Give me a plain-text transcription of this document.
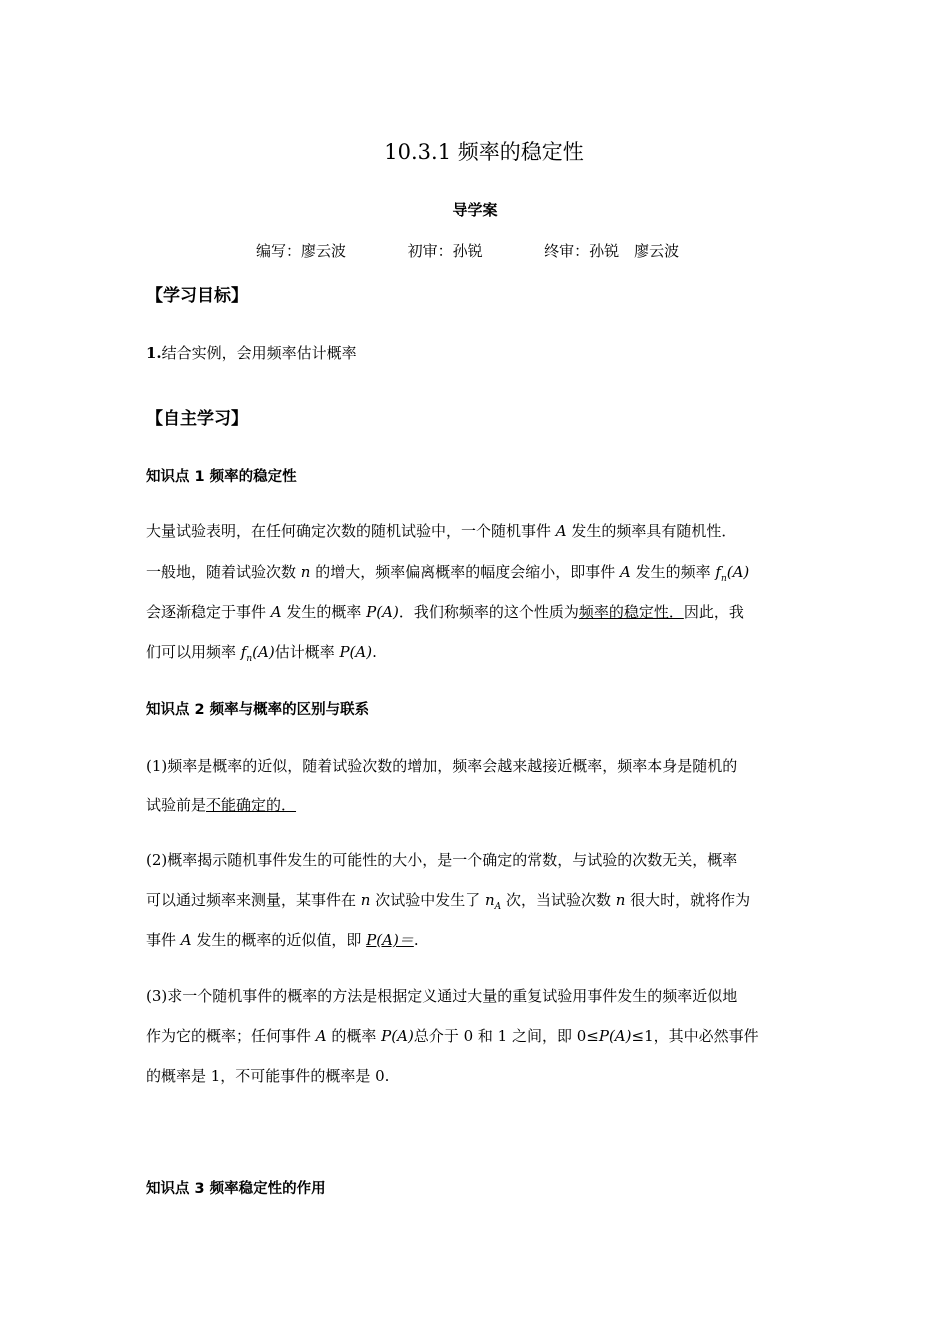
10.3.1 频率的稳定性
导学案
编写：廖云波	初审：孙锐	终审：孙锐　廖云波
【学习目标】
1.结合实例，会用频率估计概率
【自主学习】
知识点 1 频率的稳定性
大量试验表明，在任何确定次数的随机试验中，一个随机事件 A 发生的频率具有随机性．
一般地，随着试验次数 n 的增大，频率偏离概率的幅度会缩小，即事件 A 发生的频率 $f_n(A)$
会逐渐稳定于事件 A 发生的概率 P(A)．我们称频率的这个性质为频率的稳定性．因此，我
们可以用频率 $f_n(A)$估计概率 P(A).
知识点 2 频率与概率的区别与联系
(1)频率是概率的近似，随着试验次数的增加，频率会越来越接近概率，频率本身是随机的
试验前是不能确定的．
(2)概率揭示随机事件发生的可能性的大小，是一个确定的常数，与试验的次数无关，概率
可以通过频率来测量，某事件在 n 次试验中发生了 $n_A$ 次，当试验次数 n 很大时，就将作为
事件 A 发生的概率的近似值，即 P(A)＝.
(3)求一个随机事件的概率的方法是根据定义通过大量的重复试验用事件发生的频率近似地
作为它的概率；任何事件 A 的概率 P(A)总介于 0 和 1 之间，即 0≤P(A)≤1，其中必然事件
的概率是 1，不可能事件的概率是 0.
知识点 3 频率稳定性的作用
